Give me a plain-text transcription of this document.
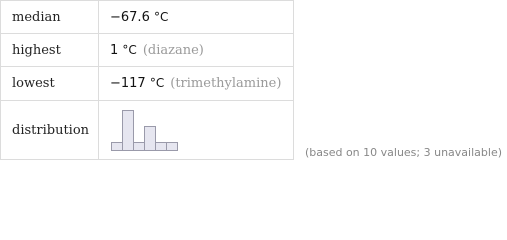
median	−67.6 °C
highest	1 °C (diazane)
lowest	−117 °C (trimethylamine)
distribution	
(based on 10 values; 3 unavailable)
